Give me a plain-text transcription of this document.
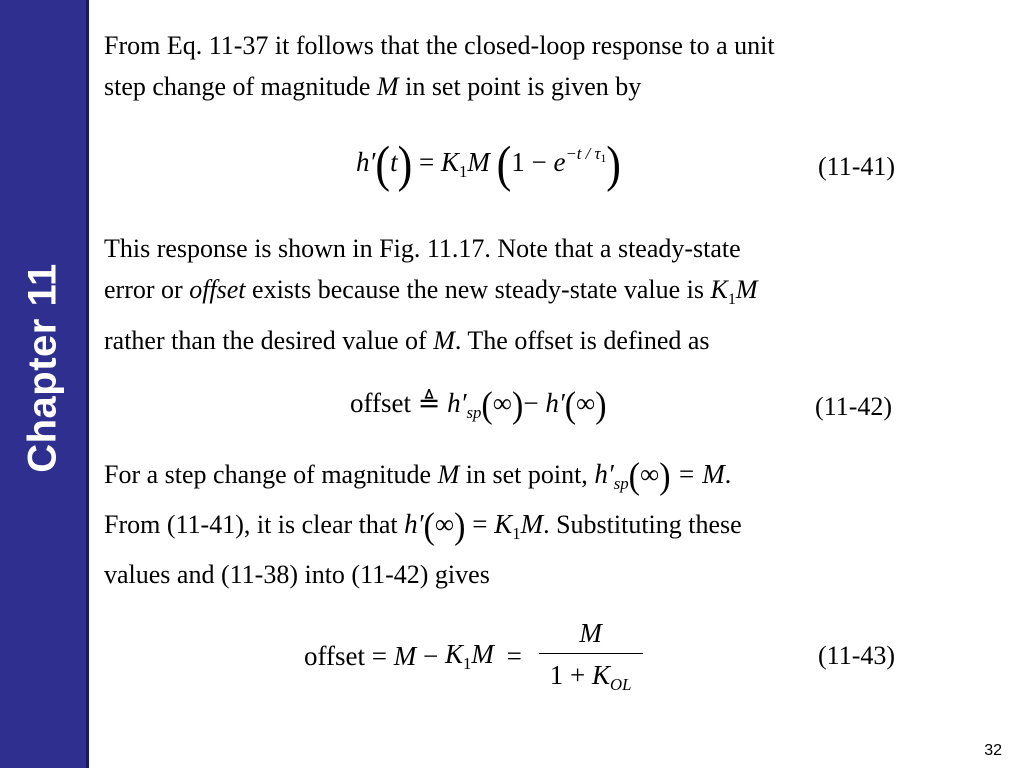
Chapter 11
From Eq. 11-37 it follows that the closed-loop response to a unit
step change of magnitude M in set point is given by
$h'(t) = K_1M$ $(1 - e^{-t / \tau_1})$	(11-41)
This response is shown in Fig. 11.17. Note that a steady-state
error or offset exists because the new steady-state value is $K_1M$
rather than the desired value of M. The offset is defined as
offset ≜ $h'_{sp}(\infty)- h'(\infty)$	(11-42)
For a step change of magnitude M in set point, $h'_{sp}(\infty) = M$.
From (11-41), it is clear that $h'(\infty) = K_1M$. Substituting these
values and (11-38) into (11-42) gives
offset = $M - K_1M = \frac{M}{1 + K_{OL}}$	(11-43)
32
